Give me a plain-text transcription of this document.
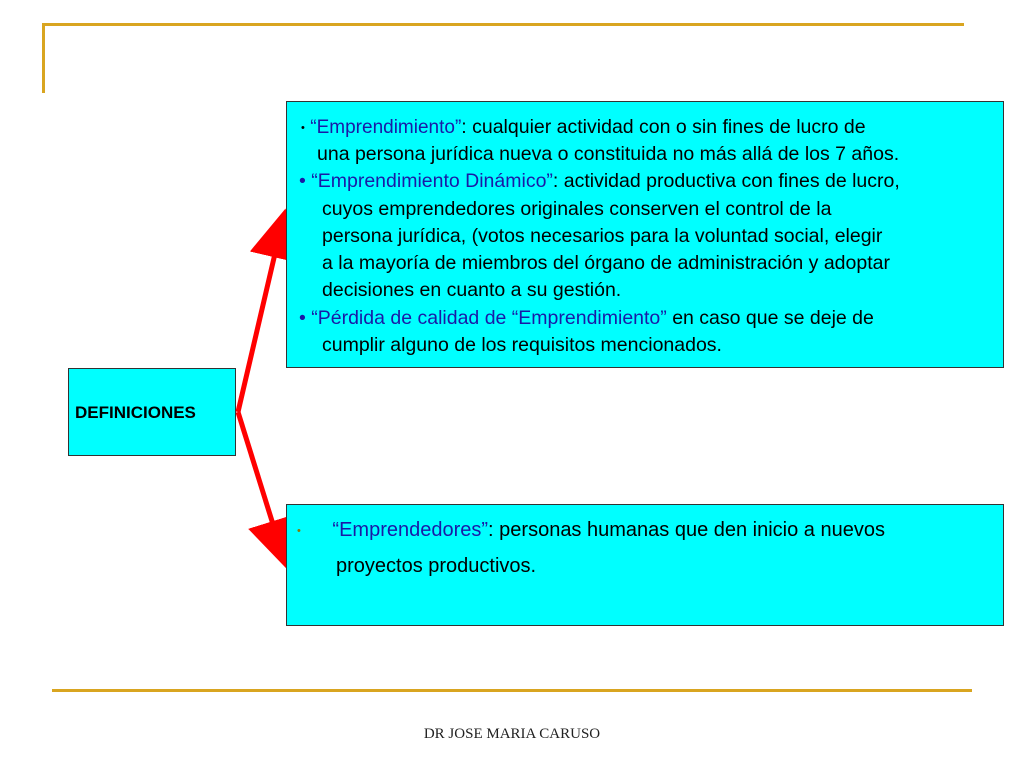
DEFINICIONES
• “Emprendimiento”: cualquier actividad con o sin fines de lucro de
una persona jurídica nueva o constituida no más allá de los 7 años.
• “Emprendimiento Dinámico”: actividad productiva con fines de lucro,
cuyos emprendedores originales conserven el control de la
persona jurídica, (votos necesarios para la voluntad social, elegir
a la mayoría de miembros del órgano de administración y adoptar
decisiones en cuanto a su gestión.
• “Pérdida de calidad de “Emprendimiento” en caso que se deje de
cumplir alguno de los requisitos mencionados.
• “Emprendedores”: personas humanas que den inicio a nuevos
proyectos productivos.
DR JOSE MARIA CARUSO
